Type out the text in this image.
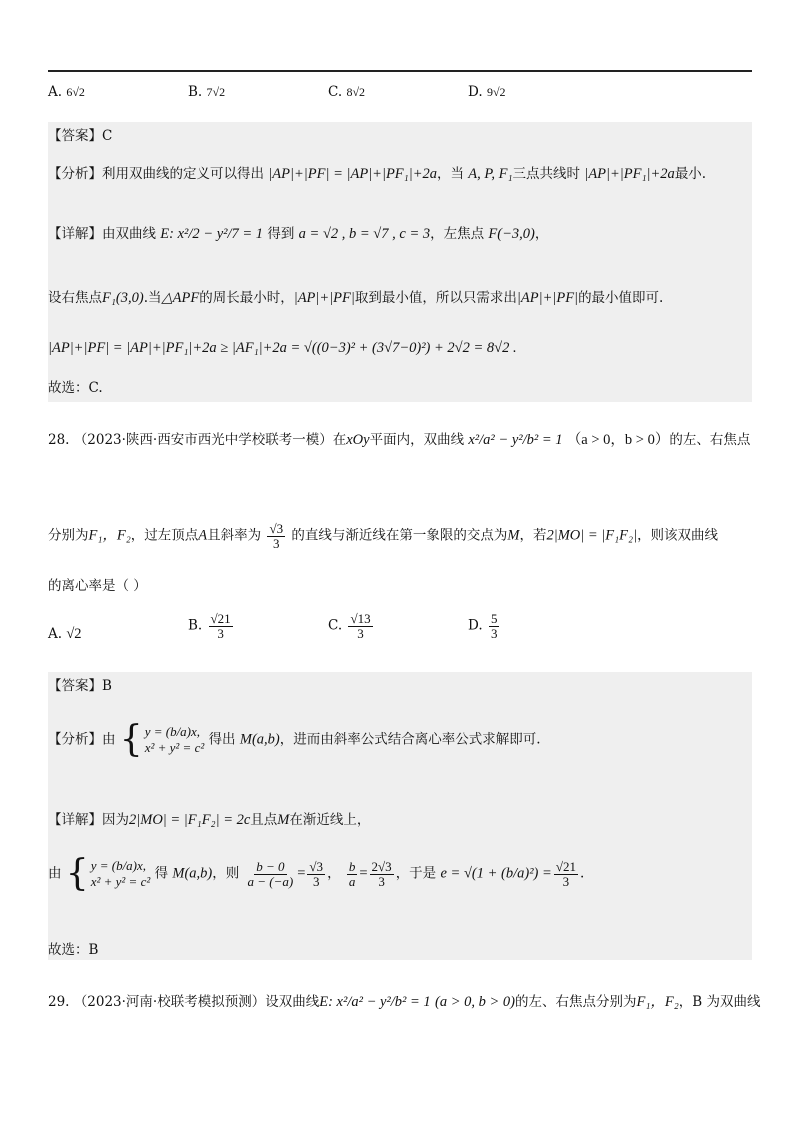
A. 6√2	B. 7√2	C. 8√2	D. 9√2
【答案】C
【分析】利用双曲线的定义可以得出 |AP|+|PF| = |AP|+|PF₁|+2a，当 A, P, F₁三点共线时 |AP|+|PF₁|+2a最小.
【详解】由双曲线 E: x²/2 − y²/7 = 1 得到 a = √2 , b = √7 , c = 3，左焦点 F(−3,0)，
设右焦点F₁(3,0).当△APF的周长最小时，|AP|+|PF|取到最小值，所以只需求出|AP|+|PF|的最小值即可.
|AP|+|PF| = |AP|+|PF₁|+2a ≥ |AF₁|+2a = √((0−3)² + (3√7−0)²) + 2√2 = 8√2 .
故选：C.
28. （2023·陕西·西安市西光中学校联考一模）在xOy平面内，双曲线 x²/a² − y²/b² = 1 （a > 0，b > 0）的左、右焦点
分别为F₁，F₂，过左顶点A且斜率为 $\frac{√3}{3}$ 的直线与渐近线在第一象限的交点为M，若2|MO| = |F₁F₂|，则该双曲线
的离心率是（ ）
A. √2
B. $\frac{√21}{3}$	C. $\frac{√13}{3}$	D. $\frac{5}{3}$
【答案】B
【分析】由 { y = (b/a)x,
x² + y² = c² 得出 M(a,b)，进而由斜率公式结合离心率公式求解即可.
【详解】因为2|MO| = |F₁F₂| = 2c且点M在渐近线上，
由 { y = (b/a)x,
x² + y² = c² 得 M(a,b)，则 $\frac{b - 0}{a - (-a)} = \frac{√3}{3}$ ， $\frac{b}{a} = \frac{2√3}{3}$ ，于是 $e = √(1 + (b/a)^2) = \frac{√21}{3}$ .
故选：B
29. （2023·河南·校联考模拟预测）设双曲线E: x²/a² − y²/b² = 1 (a > 0, b > 0)的左、右焦点分别为F₁，F₂，B 为双曲线
